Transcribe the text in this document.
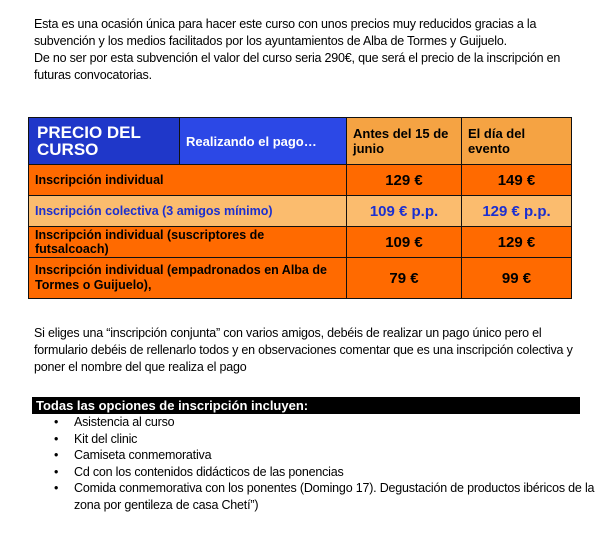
Esta es una ocasión única para hacer este curso con unos precios muy reducidos gracias a la subvención y los medios facilitados por los ayuntamientos de Alba de Tormes y Guijuelo.

De no ser por esta subvención el valor del curso seria 290€, que será el precio de la inscripción en futuras convocatorias.

PRECIO DEL CURSO	Realizando el pago…	Antes del 15 de junio	El día del evento
Inscripción individual		129 €	149 €
Inscripción colectiva (3 amigos mínimo)		109 € p.p.	129 € p.p.
Inscripción individual (suscriptores de futsalcoach)		109 €	129 €
Inscripción individual (empadronados en Alba de Tormes o Guijuelo),		79 €	99 €

Si eliges una “inscripción conjunta” con varios amigos, debéis de realizar un pago único pero el formulario debéis de rellenarlo todos y en observaciones comentar que es una inscripción colectiva y poner el nombre del que realiza el pago

Todas las opciones de inscripción incluyen:
• Asistencia al curso
• Kit del clinic
• Camiseta conmemorativa
• Cd con los contenidos didácticos de las ponencias
• Comida conmemorativa con los ponentes (Domingo 17). Degustación de productos ibéricos de la zona por gentileza de casa Chetí”)
